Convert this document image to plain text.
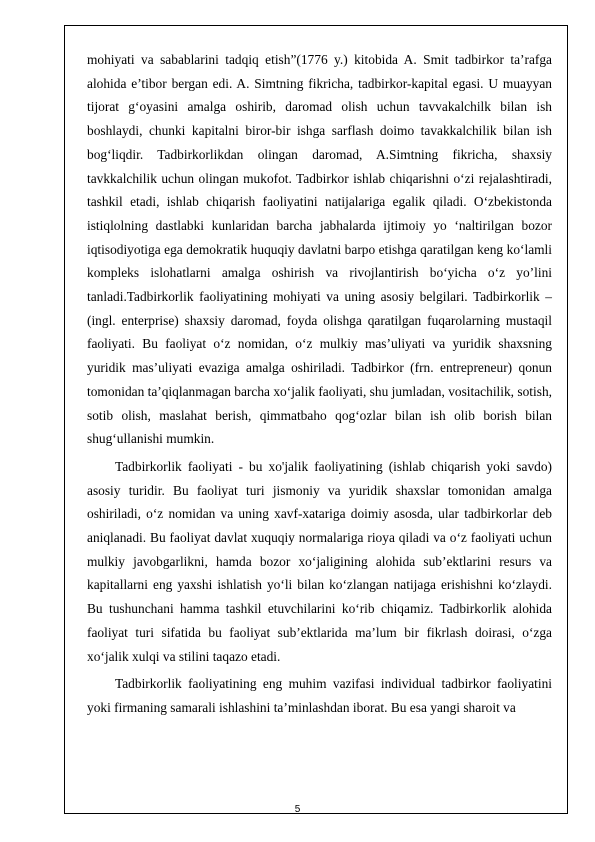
mohiyati va sabablarini tadqiq etish”(1776 y.) kitobida A. Smit tadbirkor ta’rafga alohida e’tibor bergan edi. A. Simtning fikricha, tadbirkor-kapital egasi. U muayyan tijorat g‘oyasini amalga oshirib, daromad olish uchun tavvakalchilk bilan ish boshlaydi, chunki kapitalni biror-bir ishga sarflash doimo tavakkalchilik bilan ish bog‘liqdir. Tadbirkorlikdan olingan daromad, A.Simtning fikricha, shaxsiy tavkkalchilik uchun olingan mukofot. Tadbirkor ishlab chiqarishni o‘zi rejalashtiradi, tashkil etadi, ishlab chiqarish faoliyatini natijalariga egalik qiladi. O‘zbekistonda istiqlolning dastlabki kunlaridan barcha jabhalarda ijtimoiy yo ‘naltirilgan bozor iqtisodiyotiga ega demokratik huquqiy davlatni barpo etishga qaratilgan keng ko‘lamli kompleks islohatlarni amalga oshirish va rivojlantirish bo‘yicha o‘z yo’lini tanladi.Tadbirkorlik faoliyatining mohiyati va uning asosiy belgilari. Tadbirkorlik – (ingl. enterprise) shaxsiy daromad, foyda olishga qaratilgan fuqarolarning mustaqil faoliyati. Bu faoliyat o‘z nomidan, o‘z mulkiy mas’uliyati va yuridik shaxsning yuridik mas’uliyati evaziga amalga oshiriladi. Tadbirkor (frn. entrepreneur) qonun tomonidan ta’qiqlanmagan barcha xo‘jalik faoliyati, shu jumladan, vositachilik, sotish, sotib olish, maslahat berish, qimmatbaho qog‘ozlar bilan ish olib borish bilan shug‘ullanishi mumkin.

Tadbirkorlik faoliyati - bu xo'jalik faoliyatining (ishlab chiqarish yoki savdo) asosiy turidir. Bu faoliyat turi jismoniy va yuridik shaxslar tomonidan amalga oshiriladi, o‘z nomidan va uning xavf-xatariga doimiy asosda, ular tadbirkorlar deb aniqlanadi. Bu faoliyat davlat xuquqiy normalariga rioya qiladi va o‘z faoliyati uchun mulkiy javobgarlikni, hamda bozor xo‘jaligining alohida sub’ektlarini resurs va kapitallarni eng yaxshi ishlatish yo‘li bilan ko‘zlangan natijaga erishishni ko‘zlaydi. Bu tushunchani hamma tashkil etuvchilarini ko‘rib chiqamiz. Tadbirkorlik alohida faoliyat turi sifatida bu faoliyat sub’ektlarida ma’lum bir fikrlash doirasi, o‘zga xo‘jalik xulqi va stilini taqazo etadi.

Tadbirkorlik faoliyatining eng muhim vazifasi individual tadbirkor faoliyatini yoki firmaning samarali ishlashini ta’minlashdan iborat. Bu esa yangi sharoit va

5
